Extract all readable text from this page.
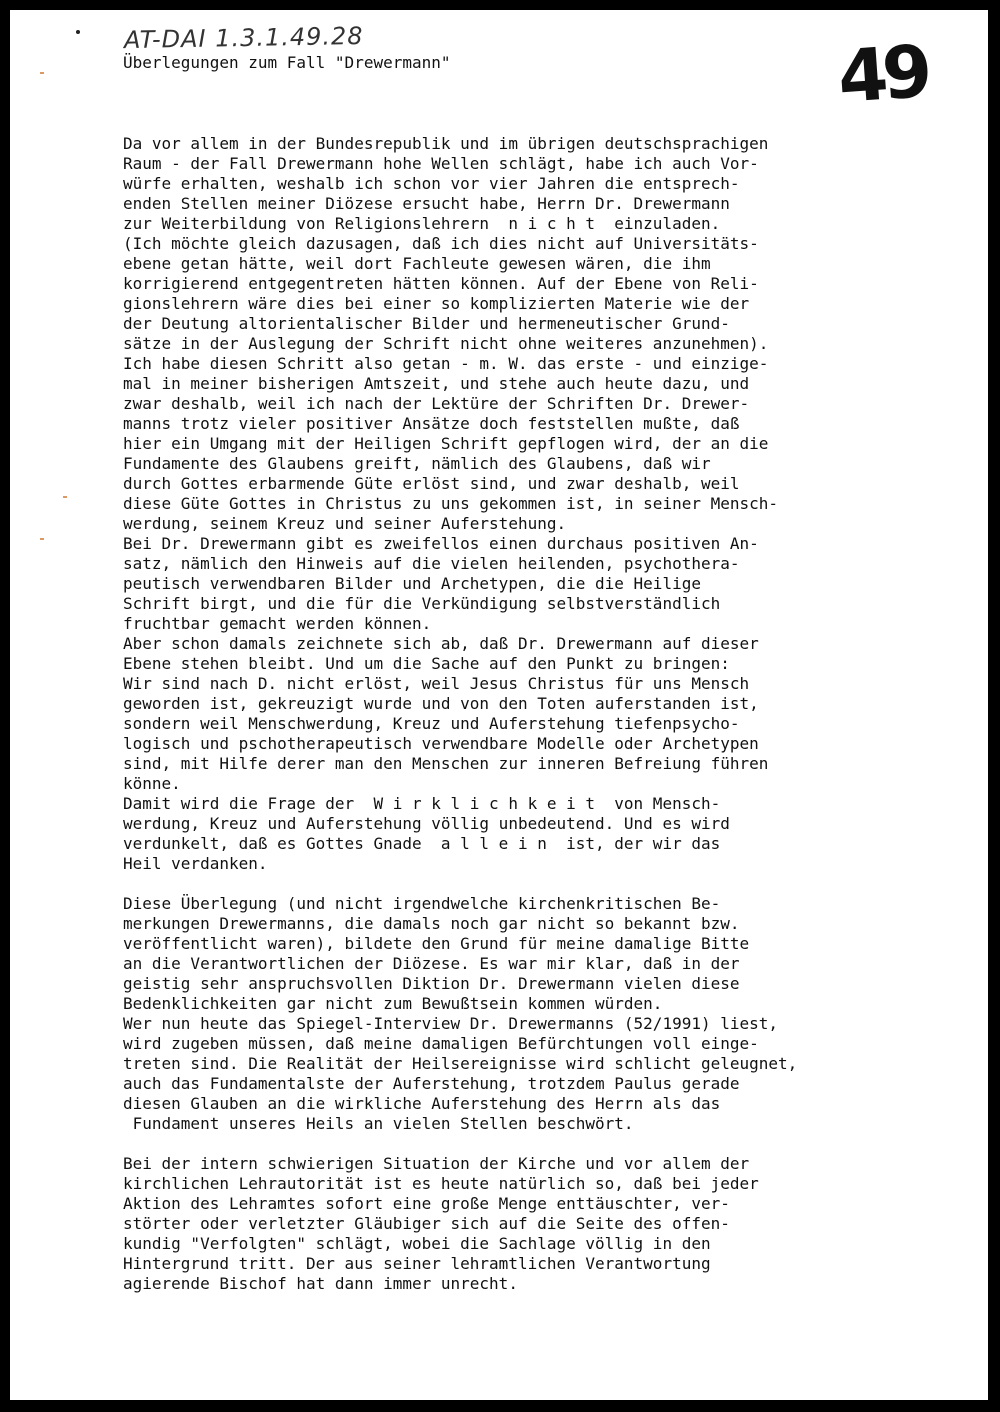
AT-DAI 1.3.1.49.28	49
Überlegungen zum Fall "Drewermann"
Da vor allem in der Bundesrepublik und im übrigen deutschsprachigen
Raum - der Fall Drewermann hohe Wellen schlägt, habe ich auch Vor-
würfe erhalten, weshalb ich schon vor vier Jahren die entsprech-
enden Stellen meiner Diözese ersucht habe, Herrn Dr. Drewermann
zur Weiterbildung von Religionslehrern  n i c h t  einzuladen.
(Ich möchte gleich dazusagen, daß ich dies nicht auf Universitäts-
ebene getan hätte, weil dort Fachleute gewesen wären, die ihm
korrigierend entgegentreten hätten können. Auf der Ebene von Reli-
gionslehrern wäre dies bei einer so komplizierten Materie wie der
der Deutung altorientalischer Bilder und hermeneutischer Grund-
sätze in der Auslegung der Schrift nicht ohne weiteres anzunehmen).
Ich habe diesen Schritt also getan - m. W. das erste - und einzige-
mal in meiner bisherigen Amtszeit, und stehe auch heute dazu, und
zwar deshalb, weil ich nach der Lektüre der Schriften Dr. Drewer-
manns trotz vieler positiver Ansätze doch feststellen mußte, daß
hier ein Umgang mit der Heiligen Schrift gepflogen wird, der an die
Fundamente des Glaubens greift, nämlich des Glaubens, daß wir
durch Gottes erbarmende Güte erlöst sind, und zwar deshalb, weil
diese Güte Gottes in Christus zu uns gekommen ist, in seiner Mensch-
werdung, seinem Kreuz und seiner Auferstehung.
Bei Dr. Drewermann gibt es zweifellos einen durchaus positiven An-
satz, nämlich den Hinweis auf die vielen heilenden, psychothera-
peutisch verwendbaren Bilder und Archetypen, die die Heilige
Schrift birgt, und die für die Verkündigung selbstverständlich
fruchtbar gemacht werden können.
Aber schon damals zeichnete sich ab, daß Dr. Drewermann auf dieser
Ebene stehen bleibt. Und um die Sache auf den Punkt zu bringen:
Wir sind nach D. nicht erlöst, weil Jesus Christus für uns Mensch
geworden ist, gekreuzigt wurde und von den Toten auferstanden ist,
sondern weil Menschwerdung, Kreuz und Auferstehung tiefenpsycho-
logisch und pschotherapeutisch verwendbare Modelle oder Archetypen
sind, mit Hilfe derer man den Menschen zur inneren Befreiung führen
könne.
Damit wird die Frage der  W i r k l i c h k e i t  von Mensch-
werdung, Kreuz und Auferstehung völlig unbedeutend. Und es wird
verdunkelt, daß es Gottes Gnade  a l l e i n  ist, der wir das
Heil verdanken.
Diese Überlegung (und nicht irgendwelche kirchenkritischen Be-
merkungen Drewermanns, die damals noch gar nicht so bekannt bzw.
veröffentlicht waren), bildete den Grund für meine damalige Bitte
an die Verantwortlichen der Diözese. Es war mir klar, daß in der
geistig sehr anspruchsvollen Diktion Dr. Drewermann vielen diese
Bedenklichkeiten gar nicht zum Bewußtsein kommen würden.
Wer nun heute das Spiegel-Interview Dr. Drewermanns (52/1991) liest,
wird zugeben müssen, daß meine damaligen Befürchtungen voll einge-
treten sind. Die Realität der Heilsereignisse wird schlicht geleugnet,
auch das Fundamentalste der Auferstehung, trotzdem Paulus gerade
diesen Glauben an die wirkliche Auferstehung des Herrn als das
Fundament unseres Heils an vielen Stellen beschwört.
Bei der intern schwierigen Situation der Kirche und vor allem der
kirchlichen Lehrautorität ist es heute natürlich so, daß bei jeder
Aktion des Lehramtes sofort eine große Menge enttäuschter, ver-
störter oder verletzter Gläubiger sich auf die Seite des offen-
kundig "Verfolgten" schlägt, wobei die Sachlage völlig in den
Hintergrund tritt. Der aus seiner lehramtlichen Verantwortung
agierende Bischof hat dann immer unrecht.
